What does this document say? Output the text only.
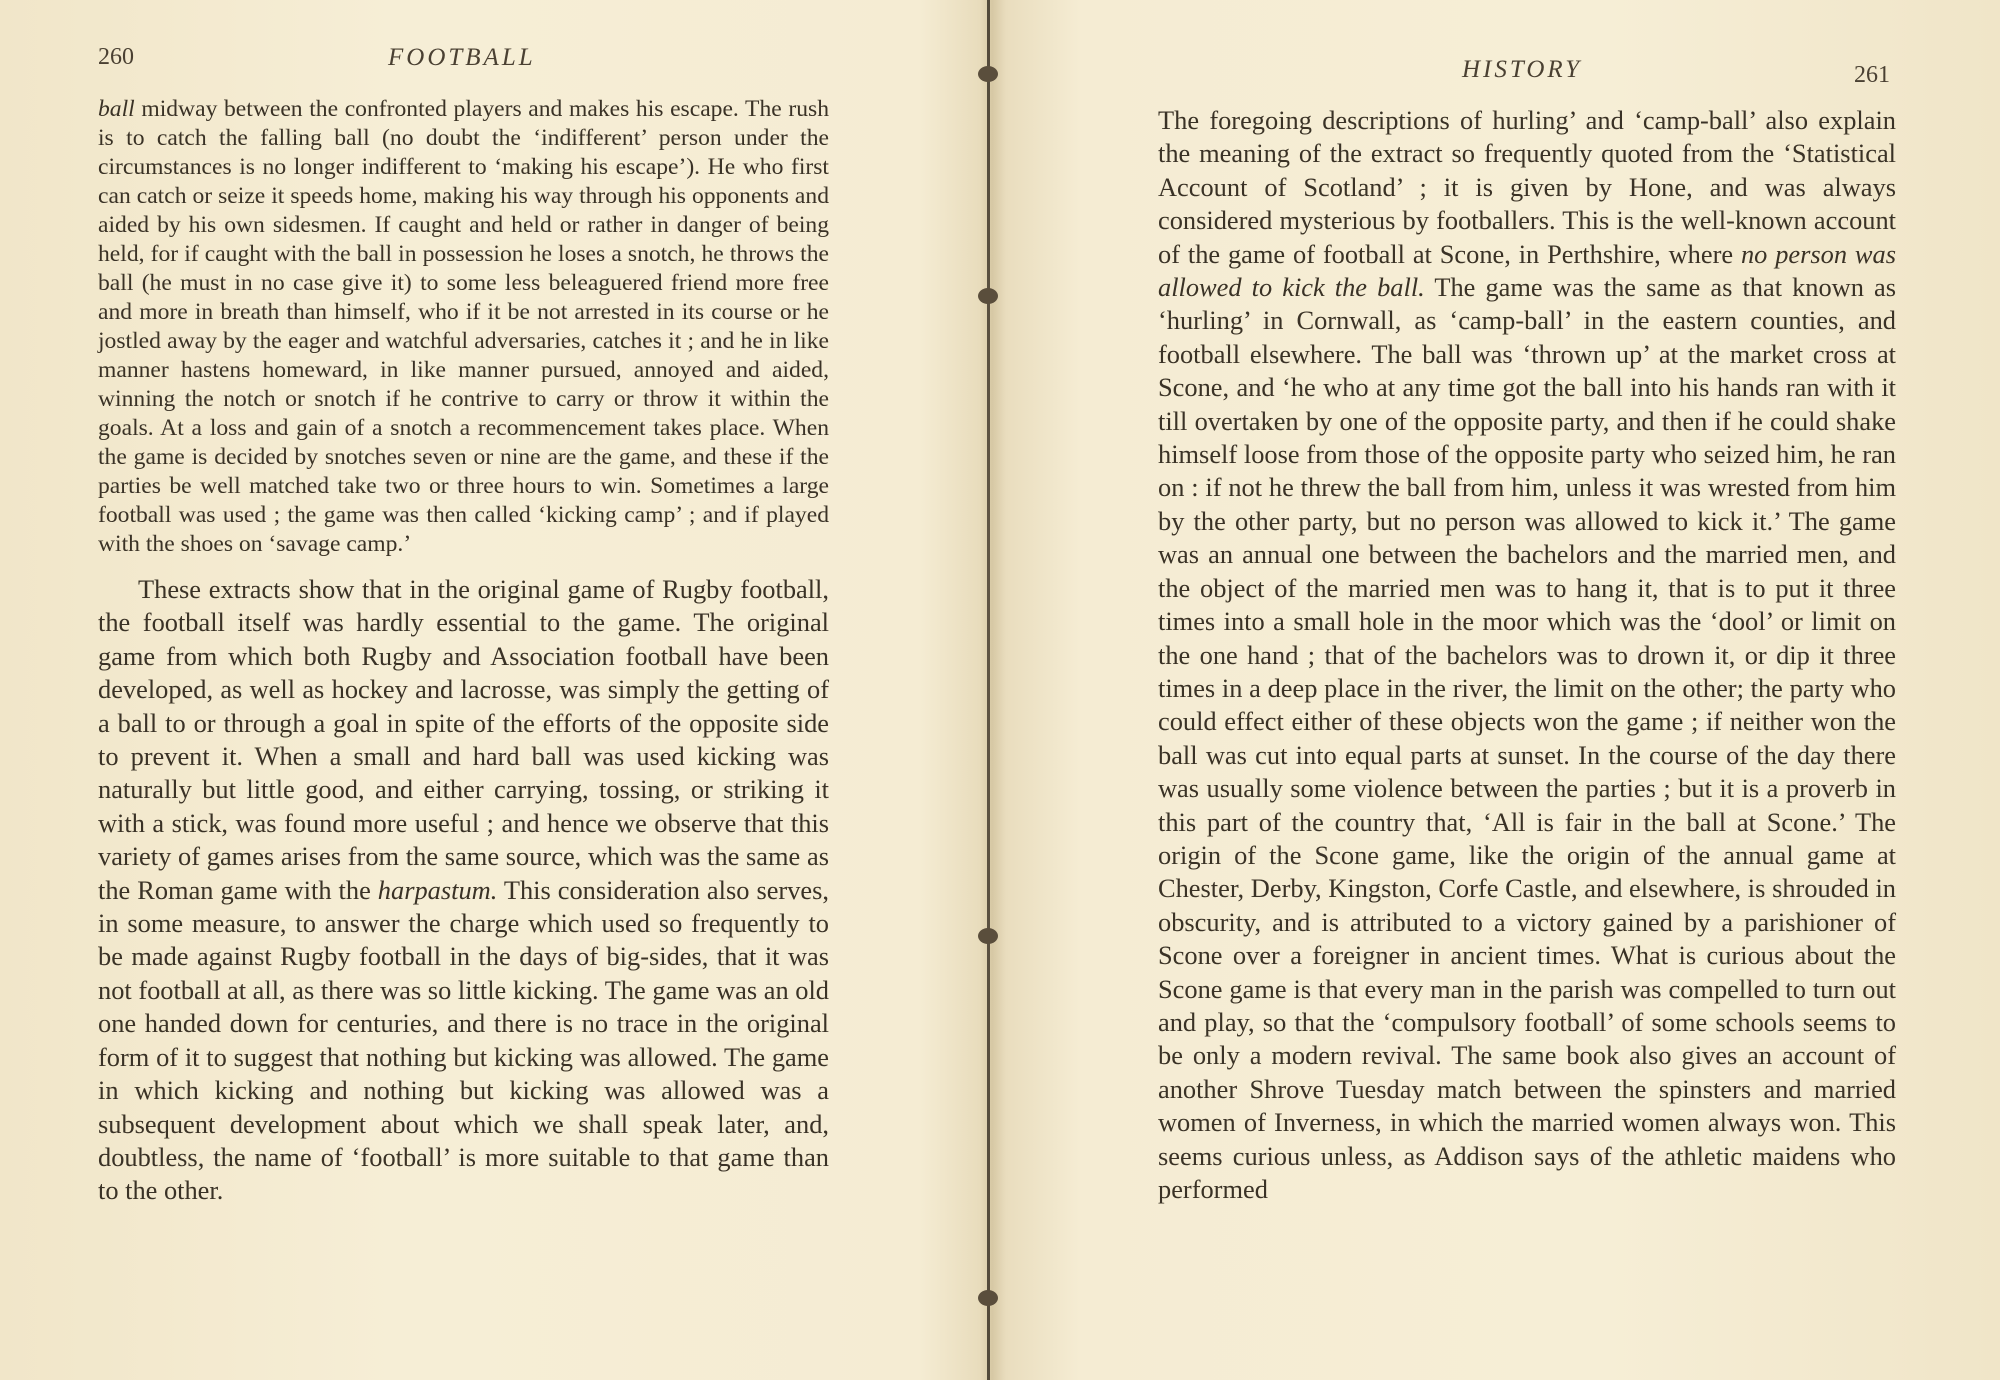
260	FOOTBALL

ball midway between the confronted players and makes his escape. The rush is to catch the falling ball (no doubt the ‘indifferent’ person under the circumstances is no longer indifferent to ‘making his escape’). He who first can catch or seize it speeds home, making his way through his opponents and aided by his own sidesmen. If caught and held or rather in danger of being held, for if caught with the ball in possession he loses a snotch, he throws the ball (he must in no case give it) to some less beleaguered friend more free and more in breath than himself, who if it be not arrested in its course or he jostled away by the eager and watchful adversaries, catches it ; and he in like manner hastens homeward, in like manner pursued, annoyed and aided, winning the notch or snotch if he contrive to carry or throw it within the goals. At a loss and gain of a snotch a recommencement takes place. When the game is decided by snotches seven or nine are the game, and these if the parties be well matched take two or three hours to win. Sometimes a large football was used ; the game was then called ‘kicking camp’ ; and if played with the shoes on ‘savage camp.’

These extracts show that in the original game of Rugby football, the football itself was hardly essential to the game. The original game from which both Rugby and Association football have been developed, as well as hockey and lacrosse, was simply the getting of a ball to or through a goal in spite of the efforts of the opposite side to prevent it. When a small and hard ball was used kicking was naturally but little good, and either carrying, tossing, or striking it with a stick, was found more useful ; and hence we observe that this variety of games arises from the same source, which was the same as the Roman game with the harpastum. This consideration also serves, in some measure, to answer the charge which used so frequently to be made against Rugby football in the days of big-sides, that it was not football at all, as there was so little kicking. The game was an old one handed down for centuries, and there is no trace in the original form of it to suggest that nothing but kicking was allowed. The game in which kicking and nothing but kicking was allowed was a subsequent development about which we shall speak later, and, doubtless, the name of ‘football’ is more suitable to that game than to the other.

HISTORY	261

The foregoing descriptions of hurling’ and ‘camp-ball’ also explain the meaning of the extract so frequently quoted from the ‘Statistical Account of Scotland’ ; it is given by Hone, and was always considered mysterious by footballers. This is the well-known account of the game of football at Scone, in Perthshire, where no person was allowed to kick the ball. The game was the same as that known as ‘hurling’ in Cornwall, as ‘camp-ball’ in the eastern counties, and football elsewhere. The ball was ‘thrown up’ at the market cross at Scone, and ‘he who at any time got the ball into his hands ran with it till overtaken by one of the opposite party, and then if he could shake himself loose from those of the opposite party who seized him, he ran on : if not he threw the ball from him, unless it was wrested from him by the other party, but no person was allowed to kick it.’ The game was an annual one between the bachelors and the married men, and the object of the married men was to hang it, that is to put it three times into a small hole in the moor which was the ‘dool’ or limit on the one hand ; that of the bachelors was to drown it, or dip it three times in a deep place in the river, the limit on the other; the party who could effect either of these objects won the game ; if neither won the ball was cut into equal parts at sunset. In the course of the day there was usually some violence between the parties ; but it is a proverb in this part of the country that, ‘All is fair in the ball at Scone.’ The origin of the Scone game, like the origin of the annual game at Chester, Derby, Kingston, Corfe Castle, and elsewhere, is shrouded in obscurity, and is attributed to a victory gained by a parishioner of Scone over a foreigner in ancient times. What is curious about the Scone game is that every man in the parish was compelled to turn out and play, so that the ‘compulsory football’ of some schools seems to be only a modern revival. The same book also gives an account of another Shrove Tuesday match between the spinsters and married women of Inverness, in which the married women always won. This seems curious unless, as Addison says of the athletic maidens who performed
